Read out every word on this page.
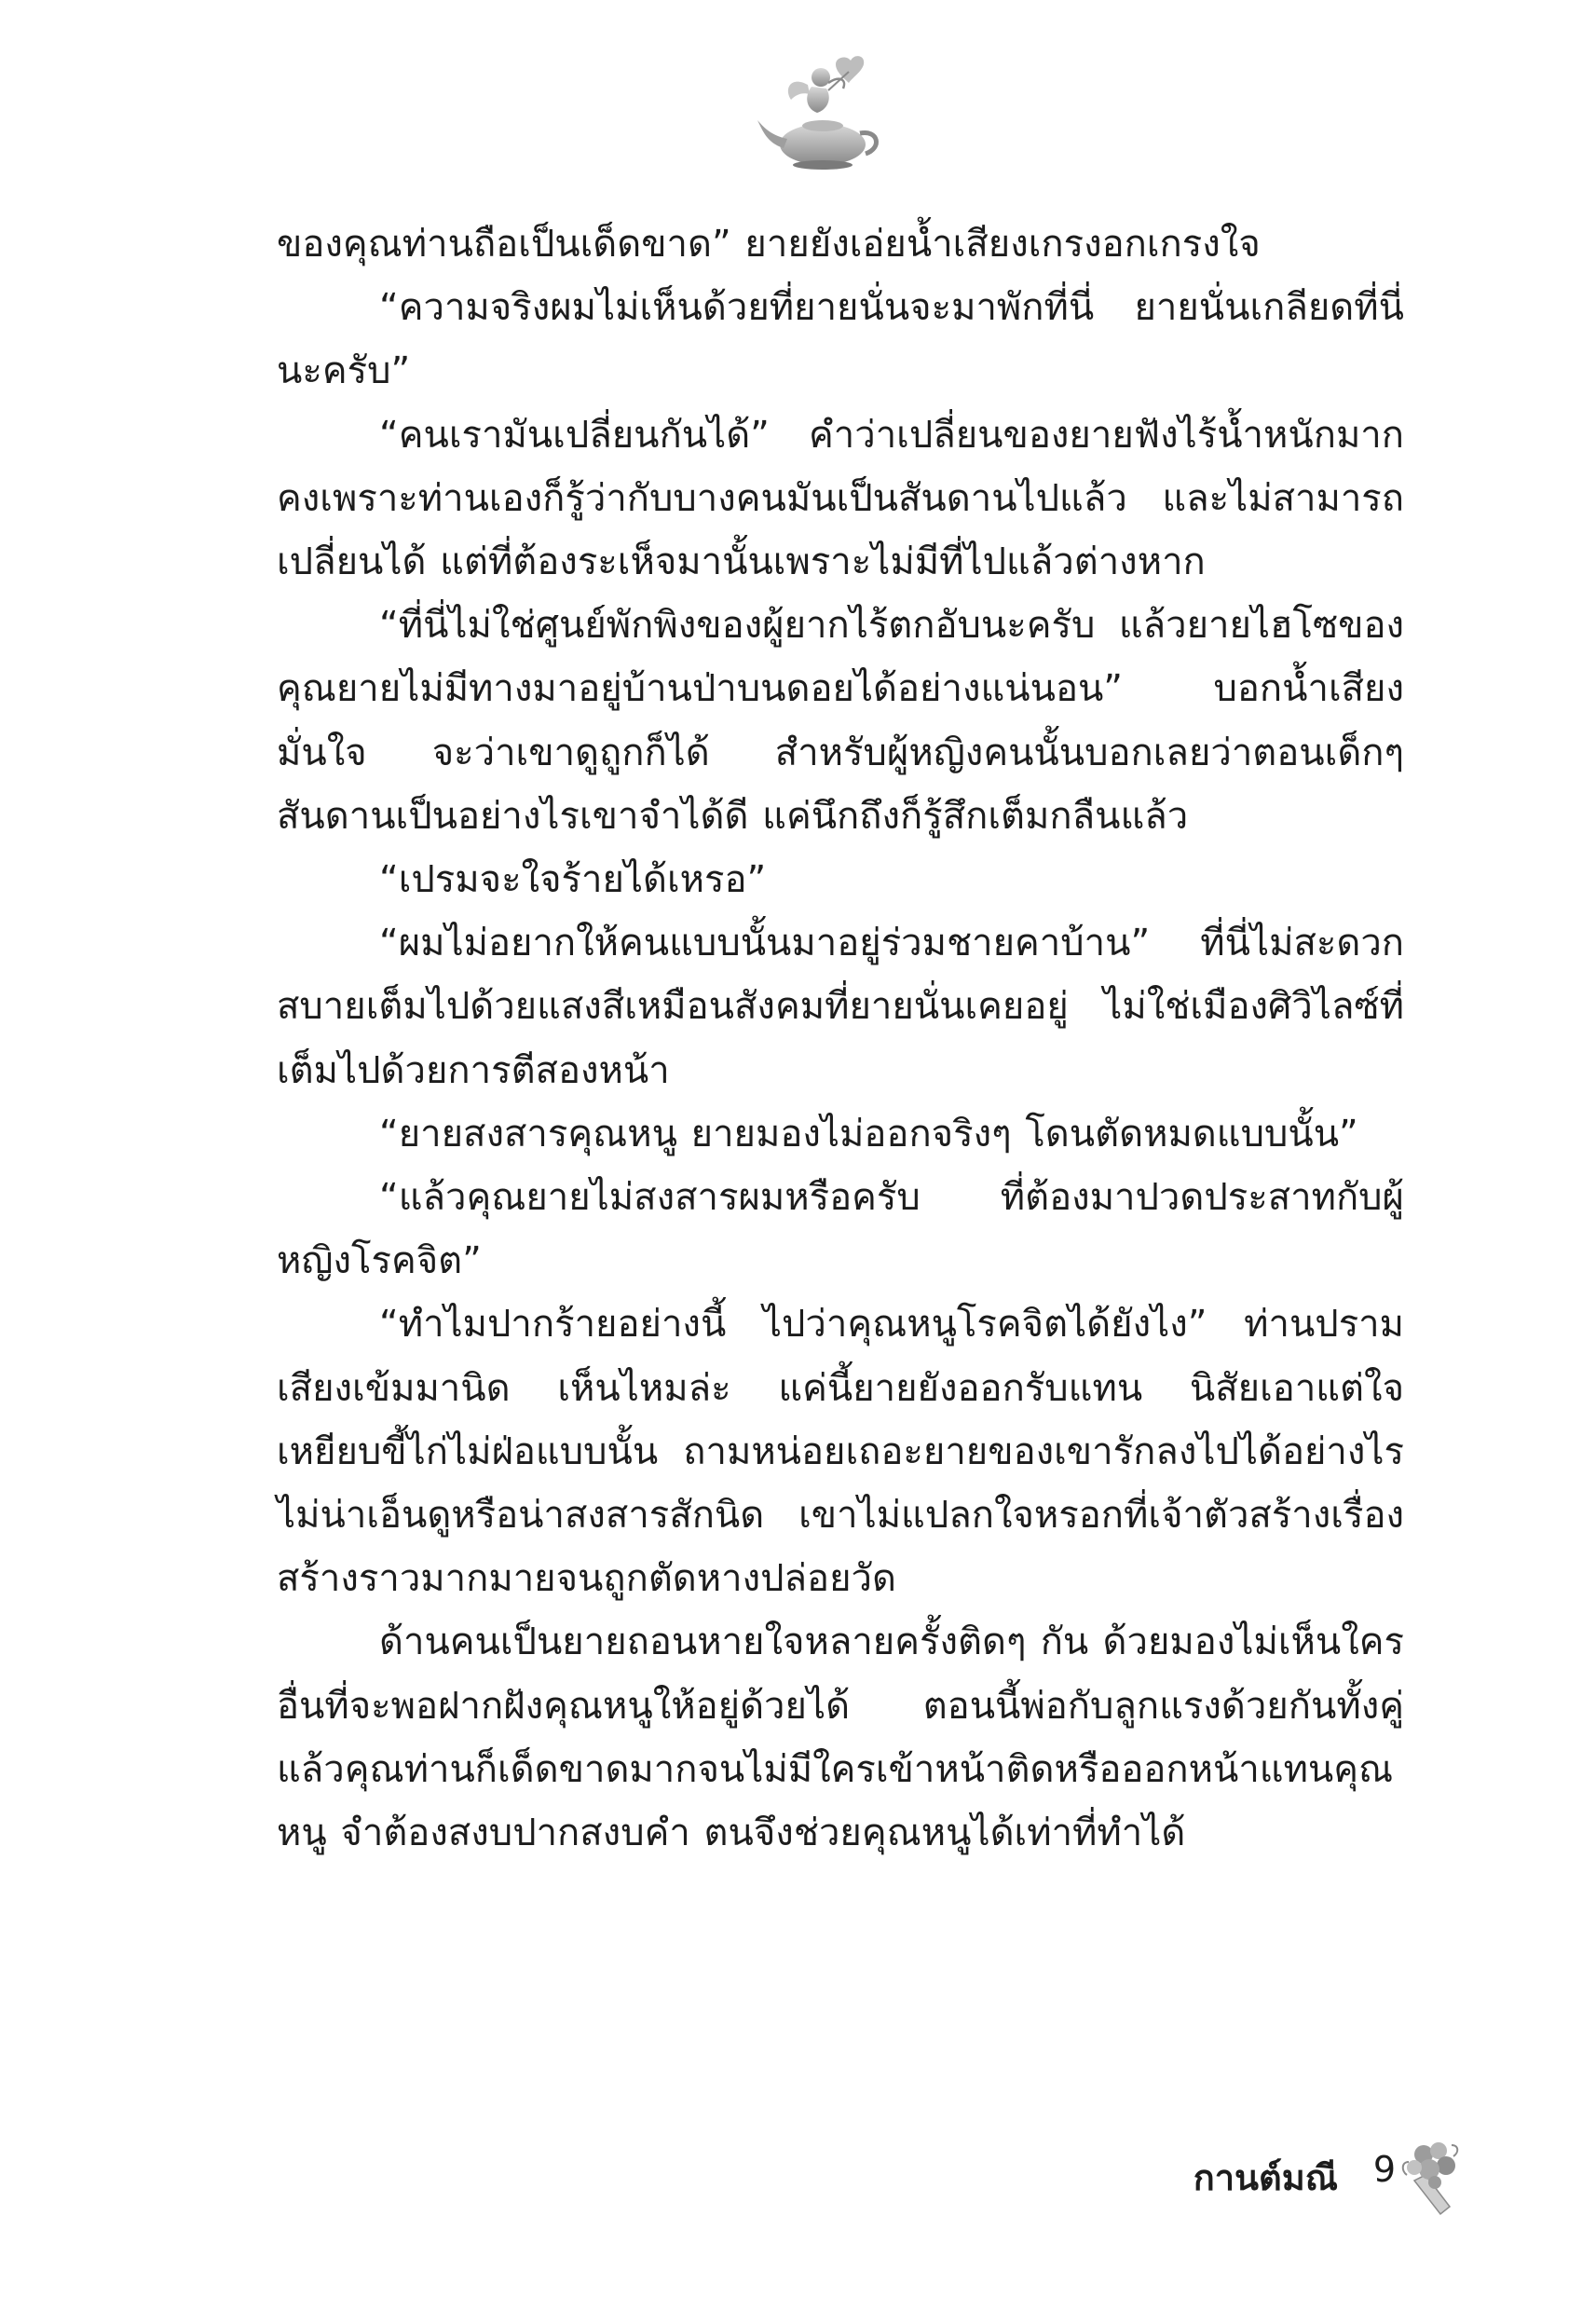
ของคุณท่านถือเป็นเด็ดขาด” ยายยังเอ่ยน้ำเสียงเกรงอกเกรงใจ

“ความจริงผมไม่เห็นด้วยที่ยายนั่นจะมาพักที่นี่ ยายนั่นเกลียดที่นี่นะครับ”

“คนเรามันเปลี่ยนกันได้” คำว่าเปลี่ยนของยายฟังไร้น้ำหนักมาก คงเพราะท่านเองก็รู้ว่ากับบางคนมันเป็นสันดานไปแล้ว และไม่สามารถเปลี่ยนได้ แต่ที่ต้องระเห็จมานั้นเพราะไม่มีที่ไปแล้วต่างหาก

“ที่นี่ไม่ใช่ศูนย์พักพิงของผู้ยากไร้ตกอับนะครับ แล้วยายไฮโซของคุณยายไม่มีทางมาอยู่บ้านป่าบนดอยได้อย่างแน่นอน” บอกน้ำเสียงมั่นใจ จะว่าเขาดูถูกก็ได้ สำหรับผู้หญิงคนนั้นบอกเลยว่าตอนเด็กๆ สันดานเป็นอย่างไรเขาจำได้ดี แค่นึกถึงก็รู้สึกเต็มกลืนแล้ว

“เปรมจะใจร้ายได้เหรอ”

“ผมไม่อยากให้คนแบบนั้นมาอยู่ร่วมชายคาบ้าน” ที่นี่ไม่สะดวกสบายเต็มไปด้วยแสงสีเหมือนสังคมที่ยายนั่นเคยอยู่ ไม่ใช่เมืองศิวิไลซ์ที่เต็มไปด้วยการตีสองหน้า

“ยายสงสารคุณหนู ยายมองไม่ออกจริงๆ โดนตัดหมดแบบนั้น”

“แล้วคุณยายไม่สงสารผมหรือครับ ที่ต้องมาปวดประสาทกับผู้หญิงโรคจิต”

“ทำไมปากร้ายอย่างนี้ ไปว่าคุณหนูโรคจิตได้ยังไง” ท่านปรามเสียงเข้มมานิด เห็นไหมล่ะ แค่นี้ยายยังออกรับแทน นิสัยเอาแต่ใจเหยียบขี้ไก่ไม่ฝ่อแบบนั้น ถามหน่อยเถอะยายของเขารักลงไปได้อย่างไร ไม่น่าเอ็นดูหรือน่าสงสารสักนิด เขาไม่แปลกใจหรอกที่เจ้าตัวสร้างเรื่องสร้างราวมากมายจนถูกตัดหางปล่อยวัด

ด้านคนเป็นยายถอนหายใจหลายครั้งติดๆ กัน ด้วยมองไม่เห็นใครอื่นที่จะพอฝากฝังคุณหนูให้อยู่ด้วยได้ ตอนนี้พ่อกับลูกแรงด้วยกันทั้งคู่ แล้วคุณท่านก็เด็ดขาดมากจนไม่มีใครเข้าหน้าติดหรือออกหน้าแทนคุณหนู จำต้องสงบปากสงบคำ ตนจึงช่วยคุณหนูได้เท่าที่ทำได้

กานต์มณี 9
